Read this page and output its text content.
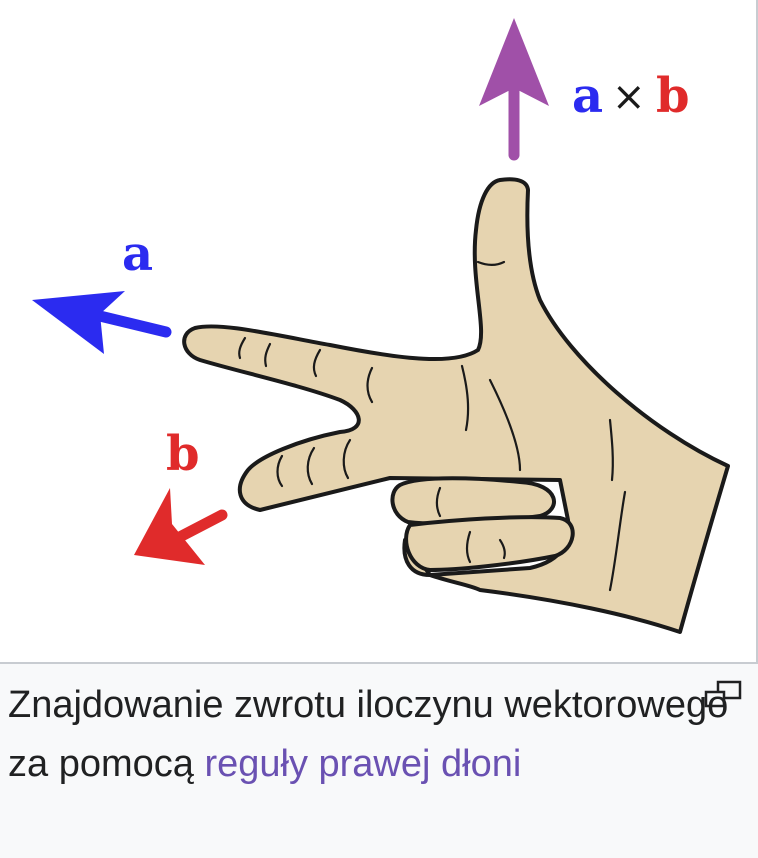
a
b
a × b
Znajdowanie zwrotu iloczynu wektorowego za pomocą reguły prawej dłoni
